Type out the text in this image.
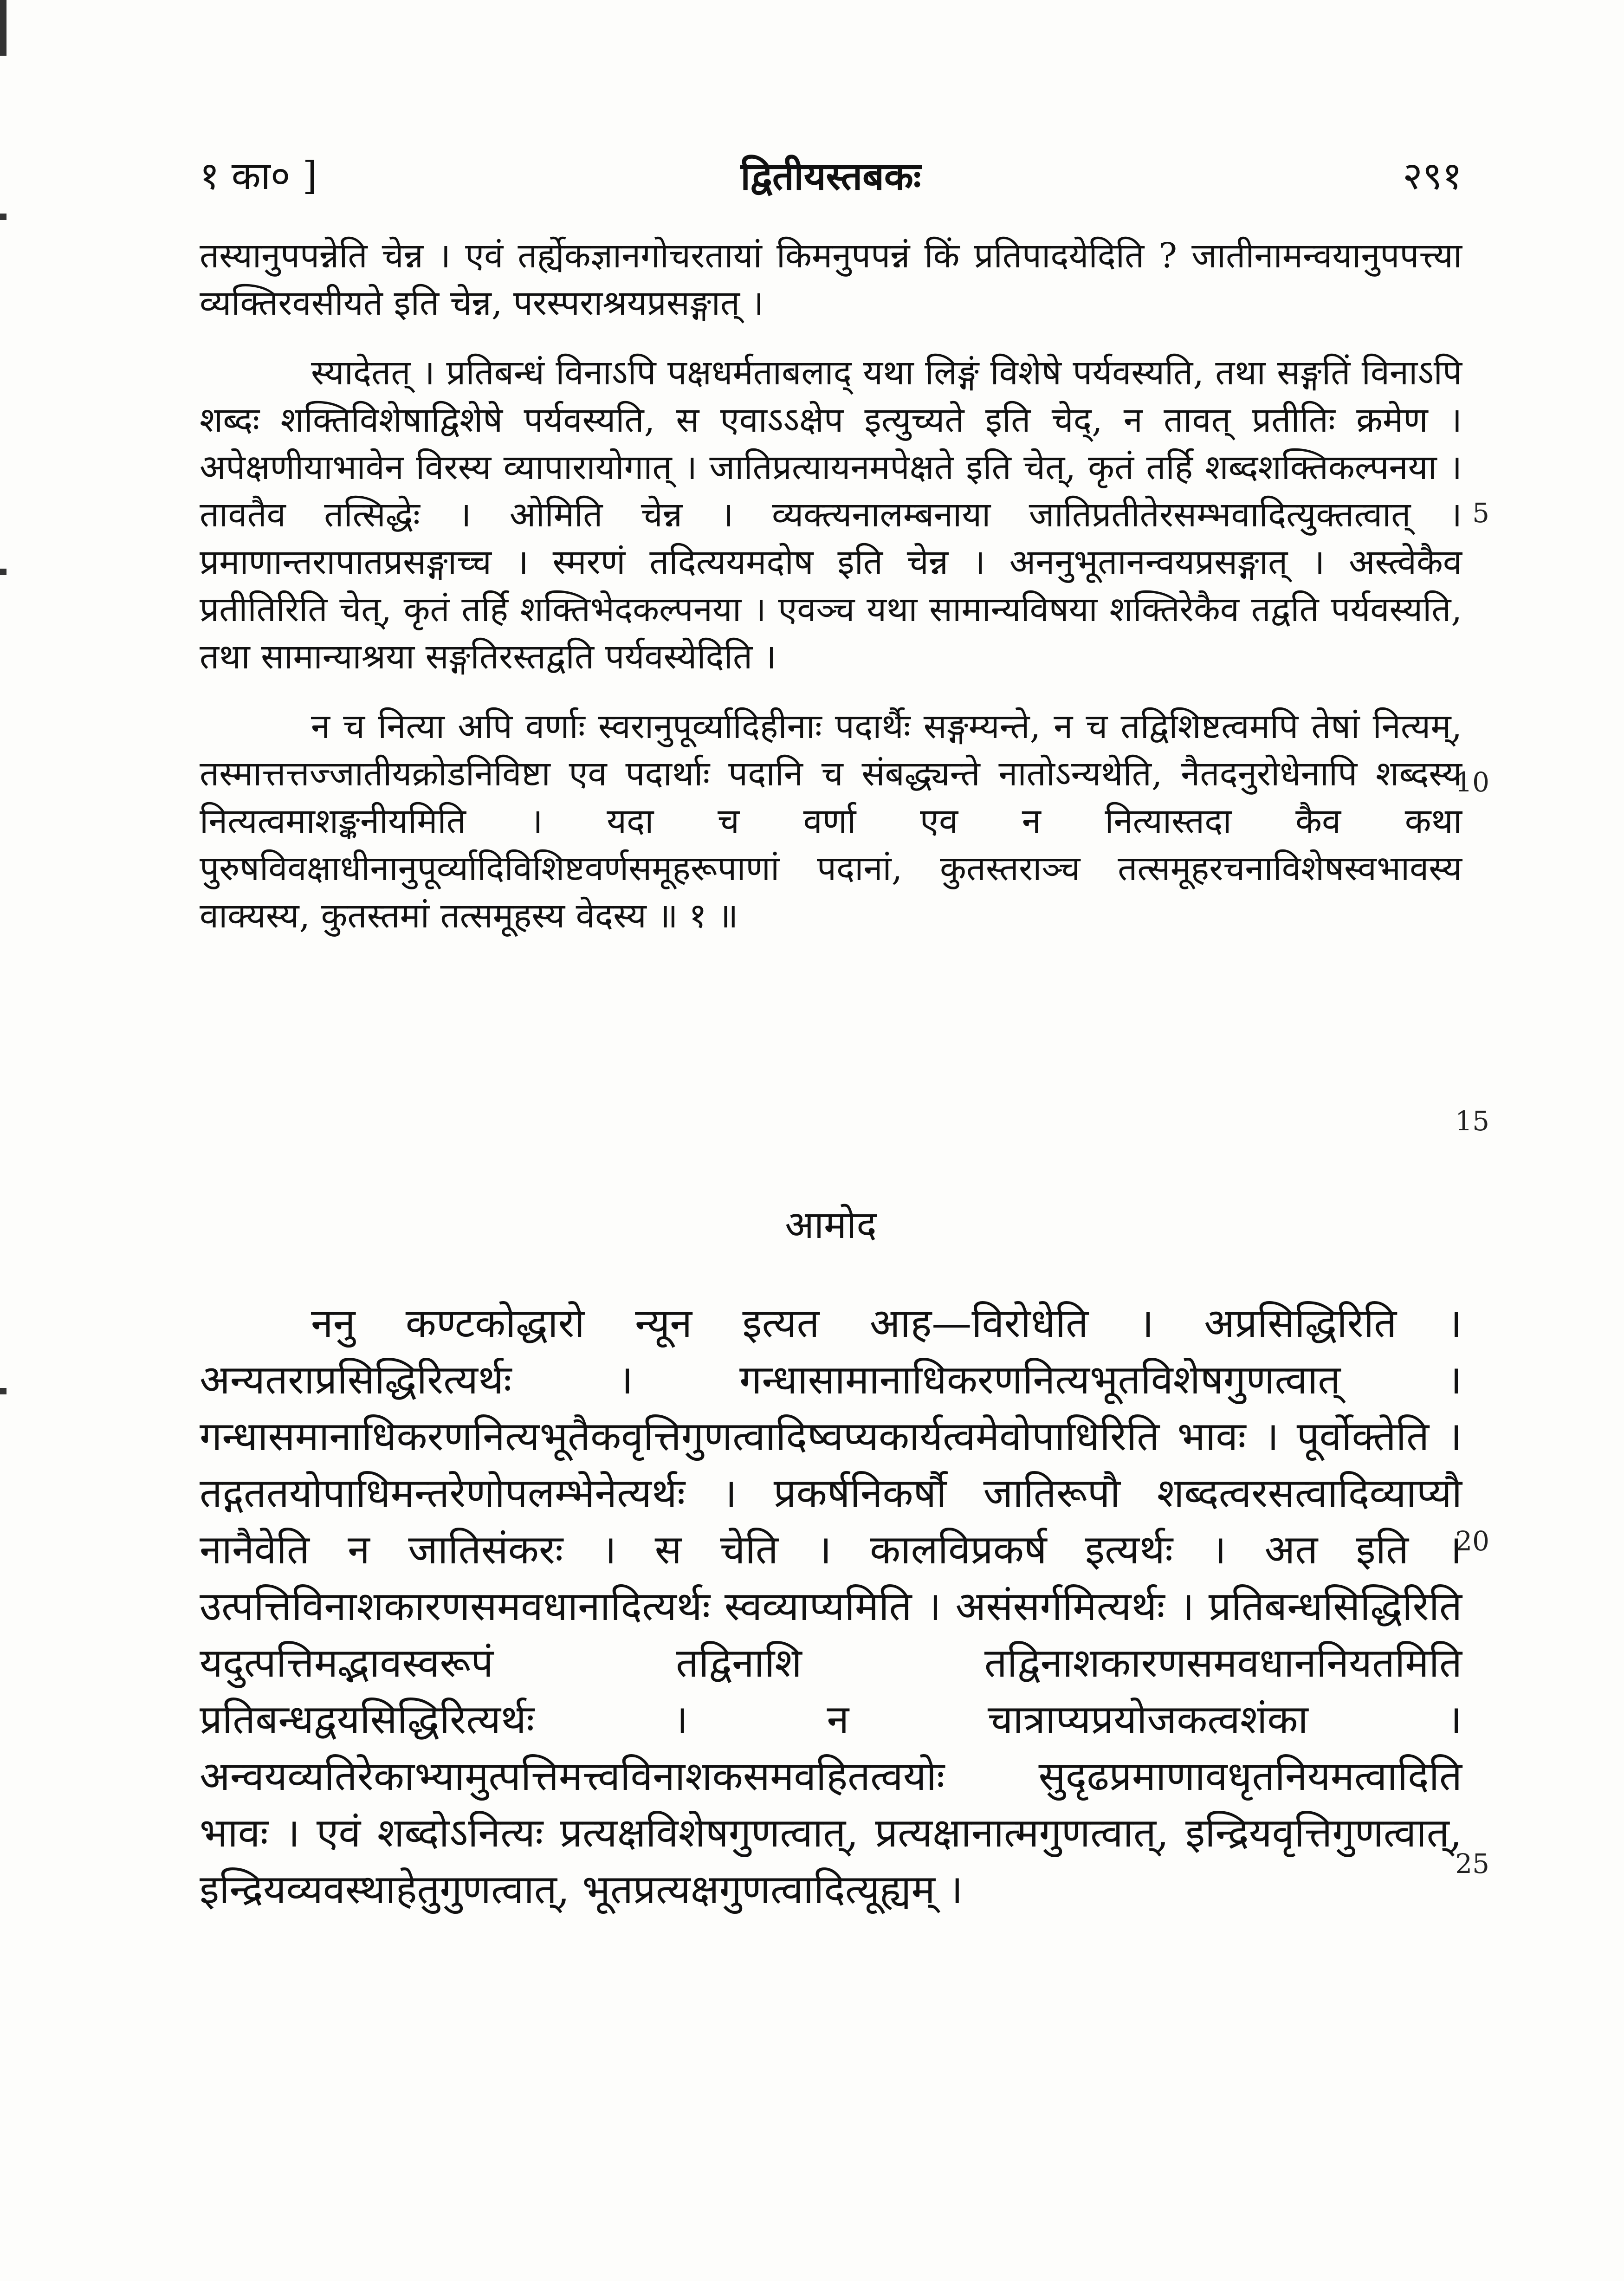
१ का० ]	द्वितीयस्तबकः	२९१

तस्यानुपपन्नेति चेन्न । एवं तर्ह्येकज्ञानगोचरतायां किमनुपपन्नं किं प्रतिपादयेदिति ? जातीनामन्वयानुपपत्त्या व्यक्तिरवसीयते इति चेन्न, परस्पराश्रयप्रसङ्गात् ।

स्यादेतत् । प्रतिबन्धं विनाऽपि पक्षधर्मताबलाद् यथा लिङ्गं विशेषे पर्यवस्यति, तथा सङ्गतिं विनाऽपि शब्दः शक्तिविशेषाद्विशेषे पर्यवस्यति, स एवाऽऽक्षेप इत्युच्यते इति चेद्, न तावत् प्रतीतिः क्रमेण । अपेक्षणीयाभावेन विरस्य व्यापारायोगात् । जातिप्रत्यायनमपेक्षते इति चेत्, कृतं तर्हि शब्दशक्तिकल्पनया । तावतैव तत्सिद्धेः । ओमिति चेन्न । व्यक्त्यनालम्बनाया जातिप्रतीतेरसम्भवादित्युक्तत्वात् । प्रमाणान्तरापातप्रसङ्गाच्च । स्मरणं तदित्ययमदोष इति चेन्न । अननुभूतानन्वयप्रसङ्गात् । अस्त्वेकैव प्रतीतिरिति चेत्, कृतं तर्हि शक्तिभेदकल्पनया । एवञ्च यथा सामान्यविषया शक्तिरेकैव तद्वति पर्यवस्यति, तथा सामान्याश्रया सङ्गतिरस्तद्वति पर्यवस्येदिति ।

न च नित्या अपि वर्णाः स्वरानुपूर्व्यादिहीनाः पदार्थैः सङ्गम्यन्ते, न च तद्विशिष्टत्वमपि तेषां नित्यम्, तस्मात्तत्तज्जातीयक्रोडनिविष्टा एव पदार्थाः पदानि च संबद्ध्यन्ते नातोऽन्यथेति, नैतदनुरोधेनापि शब्दस्य नित्यत्वमाशङ्कनीयमिति । यदा च वर्णा एव न नित्यास्तदा कैव कथा पुरुषविवक्षाधीनानुपूर्व्यादिविशिष्टवर्णसमूहरूपाणां पदानां, कुतस्तराञ्च तत्समूहरचनाविशेषस्वभावस्य वाक्यस्य, कुतस्तमां तत्समूहस्य वेदस्य ॥ १ ॥

आमोद

ननु कण्टकोद्धारो न्यून इत्यत आह—विरोधेति । अप्रसिद्धिरिति । अन्यतराप्रसिद्धिरित्यर्थः । गन्धासामानाधिकरणनित्यभूतविशेषगुणत्वात् । गन्धासमानाधिकरणनित्यभूतैकवृत्तिगुणत्वादिष्वप्यकार्यत्वमेवोपाधिरिति भावः । पूर्वोक्तेति । तद्गततयोपाधिमन्तरेणोपलम्भेनेत्यर्थः । प्रकर्षनिकर्षौ जातिरूपौ शब्दत्वरसत्वादिव्याप्यौ नानैवेति न जातिसंकरः । स चेति । कालविप्रकर्ष इत्यर्थः । अत इति । उत्पत्तिविनाशकारणसमवधानादित्यर्थः स्वव्याप्यमिति । असंसर्गमित्यर्थः । प्रतिबन्धसिद्धिरिति यदुत्पत्तिमद्भावस्वरूपं तद्विनाशि तद्विनाशकारणसमवधाननियतमिति प्रतिबन्धद्वयसिद्धिरित्यर्थः । न चात्राप्यप्रयोजकत्वशंका । अन्वयव्यतिरेकाभ्यामुत्पत्तिमत्त्वविनाशकसमवहितत्वयोः सुदृढप्रमाणावधृतनियमत्वादिति भावः । एवं शब्दोऽनित्यः प्रत्यक्षविशेषगुणत्वात्, प्रत्यक्षानात्मगुणत्वात्, इन्द्रियवृत्तिगुणत्वात्, इन्द्रियव्यवस्थाहेतुगुणत्वात्, भूतप्रत्यक्षगुणत्वादित्यूह्यम् ।

5
10
15
20
25
